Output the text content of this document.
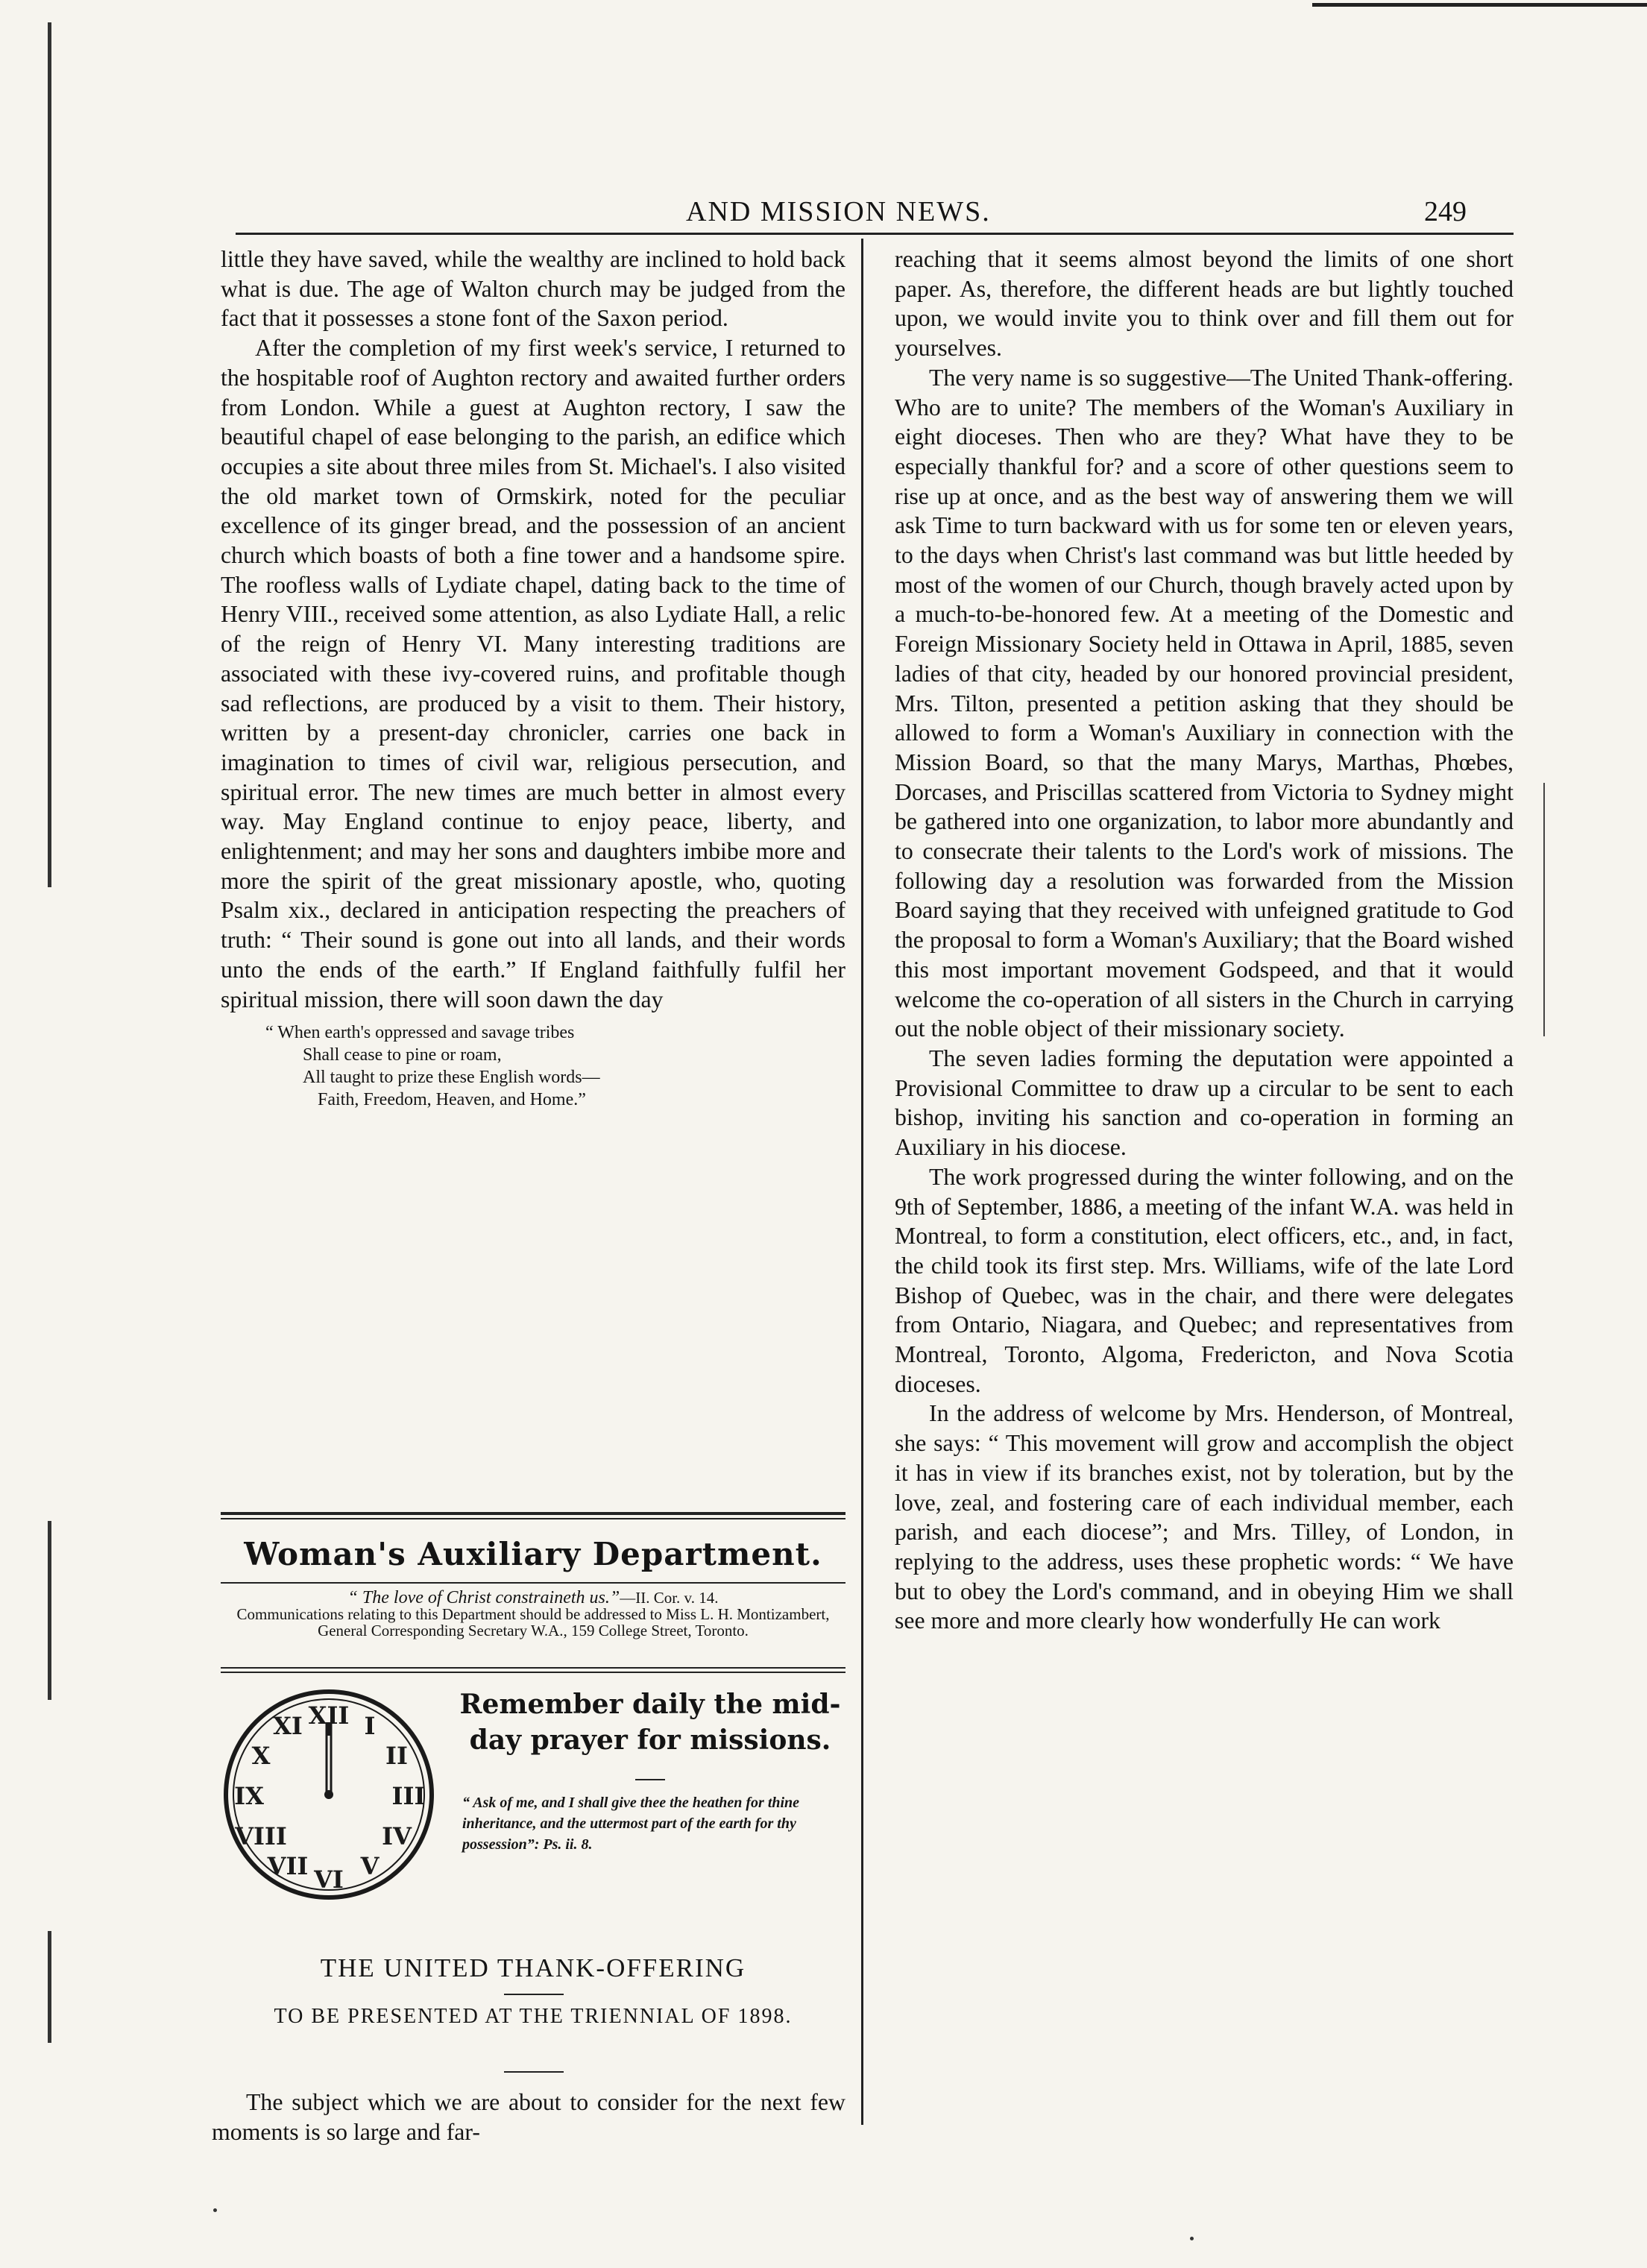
AND MISSION NEWS.	249

little they have saved, while the wealthy are inclined to hold back what is due. The age of Walton church may be judged from the fact that it possesses a stone font of the Saxon period.

After the completion of my first week's service, I returned to the hospitable roof of Aughton rectory and awaited further orders from London. While a guest at Aughton rectory, I saw the beautiful chapel of ease belonging to the parish, an edifice which occupies a site about three miles from St. Michael's. I also visited the old market town of Ormskirk, noted for the peculiar excellence of its ginger bread, and the possession of an ancient church which boasts of both a fine tower and a handsome spire. The roofless walls of Lydiate chapel, dating back to the time of Henry VIII., received some attention, as also Lydiate Hall, a relic of the reign of Henry VI. Many interesting traditions are associated with these ivy-covered ruins, and profitable though sad reflections, are produced by a visit to them. Their history, written by a present-day chronicler, carries one back in imagination to times of civil war, religious persecution, and spiritual error. The new times are much better in almost every way. May England continue to enjoy peace, liberty, and enlightenment; and may her sons and daughters imbibe more and more the spirit of the great missionary apostle, who, quoting Psalm xix., declared in anticipation respecting the preachers of truth: “ Their sound is gone out into all lands, and their words unto the ends of the earth.” If England faithfully fulfil her spiritual mission, there will soon dawn the day

“ When earth's oppressed and savage tribes
Shall cease to pine or roam,
All taught to prize these English words—
Faith, Freedom, Heaven, and Home.”
Woman's Auxiliary Department.
“ The love of Christ constraineth us.”—II. Cor. v. 14.
Communications relating to this Department should be addressed to Miss L. H. Montizambert, General Corresponding Secretary W.A., 159 College Street, Toronto.
XII I
II
III
IV
V
VI
VII
VIII
IX
X
XI
Remember daily the mid-
day prayer for missions.
“ Ask of me, and I shall give thee the heathen for thine inheritance, and the uttermost part of the earth for thy possession”: Ps. ii. 8.
THE UNITED THANK-OFFERING
TO BE PRESENTED AT THE TRIENNIAL OF 1898.

The subject which we are about to consider for the next few moments is so large and far-

reaching that it seems almost beyond the limits of one short paper. As, therefore, the different heads are but lightly touched upon, we would invite you to think over and fill them out for yourselves.

The very name is so suggestive—The United Thank-offering. Who are to unite? The members of the Woman's Auxiliary in eight dioceses. Then who are they? What have they to be especially thankful for? and a score of other questions seem to rise up at once, and as the best way of answering them we will ask Time to turn backward with us for some ten or eleven years, to the days when Christ's last command was but little heeded by most of the women of our Church, though bravely acted upon by a much-to-be-honored few. At a meeting of the Domestic and Foreign Missionary Society held in Ottawa in April, 1885, seven ladies of that city, headed by our honored provincial president, Mrs. Tilton, presented a petition asking that they should be allowed to form a Woman's Auxiliary in connection with the Mission Board, so that the many Marys, Marthas, Phœbes, Dorcases, and Priscillas scattered from Victoria to Sydney might be gathered into one organization, to labor more abundantly and to consecrate their talents to the Lord's work of missions. The following day a resolution was forwarded from the Mission Board saying that they received with unfeigned gratitude to God the proposal to form a Woman's Auxiliary; that the Board wished this most important movement Godspeed, and that it would welcome the co-operation of all sisters in the Church in carrying out the noble object of their missionary society.

The seven ladies forming the deputation were appointed a Provisional Committee to draw up a circular to be sent to each bishop, inviting his sanction and co-operation in forming an Auxiliary in his diocese.

The work progressed during the winter following, and on the 9th of September, 1886, a meeting of the infant W.A. was held in Montreal, to form a constitution, elect officers, etc., and, in fact, the child took its first step. Mrs. Williams, wife of the late Lord Bishop of Quebec, was in the chair, and there were delegates from Ontario, Niagara, and Quebec; and representatives from Montreal, Toronto, Algoma, Fredericton, and Nova Scotia dioceses.

In the address of welcome by Mrs. Henderson, of Montreal, she says: “ This movement will grow and accomplish the object it has in view if its branches exist, not by toleration, but by the love, zeal, and fostering care of each individual member, each parish, and each diocese”; and Mrs. Tilley, of London, in replying to the address, uses these prophetic words: “ We have but to obey the Lord's command, and in obeying Him we shall see more and more clearly how wonderfully He can work
